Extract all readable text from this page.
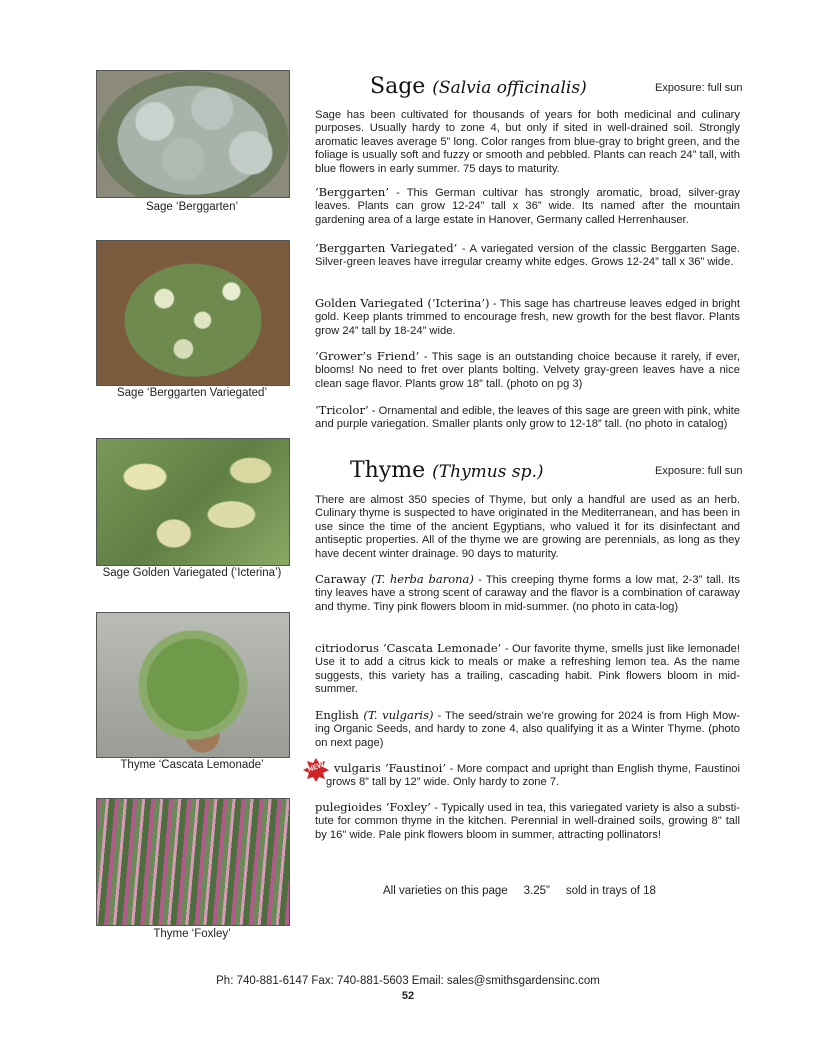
Sage ‘Berggarten’
Sage ‘Berggarten Variegated’
Sage Golden Variegated (‘Icterina’)
Thyme ‘Cascata Lemonade’
Thyme ‘Foxley’
Sage (Salvia officinalis)	Exposure: full sun
Sage has been cultivated for thousands of years for both medicinal and culinary purposes. Usually hardy to zone 4, but only if sited in well-drained soil. Strongly aromatic leaves average 5” long. Color ranges from blue-gray to bright green, and the foliage is usually soft and fuzzy or smooth and pebbled. Plants can reach 24” tall, with blue flowers in early summer. 75 days to maturity.
‘Berggarten’ - This German cultivar has strongly aromatic, broad, silver-gray leaves. Plants can grow 12-24” tall x 36” wide. Its named after the mountain gardening area of a large estate in Hanover, Germany called Herrenhauser.
‘Berggarten Variegated’ - A variegated version of the classic Berggarten Sage. Silver-green leaves have irregular creamy white edges. Grows 12-24” tall x 36” wide.
Golden Variegated (‘Icterina’) - This sage has chartreuse leaves edged in bright gold. Keep plants trimmed to encourage fresh, new growth for the best flavor. Plants grow 24” tall by 18-24” wide.
‘Grower’s Friend’ - This sage is an outstanding choice because it rarely, if ever, blooms! No need to fret over plants bolting. Velvety gray-green leaves have a nice clean sage flavor. Plants grow 18” tall. (photo on pg 3)
‘Tricolor’ - Ornamental and edible, the leaves of this sage are green with pink, white and purple variegation. Smaller plants only grow to 12-18” tall. (no photo in catalog)
Thyme (Thymus sp.)	Exposure: full sun
There are almost 350 species of Thyme, but only a handful are used as an herb. Culinary thyme is suspected to have originated in the Mediterranean, and has been in use since the time of the ancient Egyptians, who valued it for its disinfectant and antiseptic properties. All of the thyme we are growing are perennials, as long as they have decent winter drainage. 90 days to maturity.
Caraway (T. herba barona) - This creeping thyme forms a low mat, 2-3” tall. Its tiny leaves have a strong scent of caraway and the flavor is a combination of caraway and thyme. Tiny pink flowers bloom in mid-summer. (no photo in cata-log)
citriodorus ‘Cascata Lemonade’ - Our favorite thyme, smells just like lemonade! Use it to add a citrus kick to meals or make a refreshing lemon tea. As the name suggests, this variety has a trailing, cascading habit. Pink flowers bloom in mid-summer.
English (T. vulgaris) - The seed/strain we’re growing for 2024 is from High Mow-ing Organic Seeds, and hardy to zone 4, also qualifying it as a Winter Thyme. (photo on next page)
NEW vulgaris ‘Faustinoi’ - More compact and upright than English thyme, Faustinoi grows 8” tall by 12” wide. Only hardy to zone 7.
pulegioides ‘Foxley’ - Typically used in tea, this variegated variety is also a substi-tute for common thyme in the kitchen. Perennial in well-drained soils, growing 8" tall by 16" wide. Pale pink flowers bloom in summer, attracting pollinators!
All varieties on this page     3.25”     sold in trays of 18
Ph: 740-881-6147 Fax: 740-881-5603 Email: sales@smithsgardensinc.com
52
